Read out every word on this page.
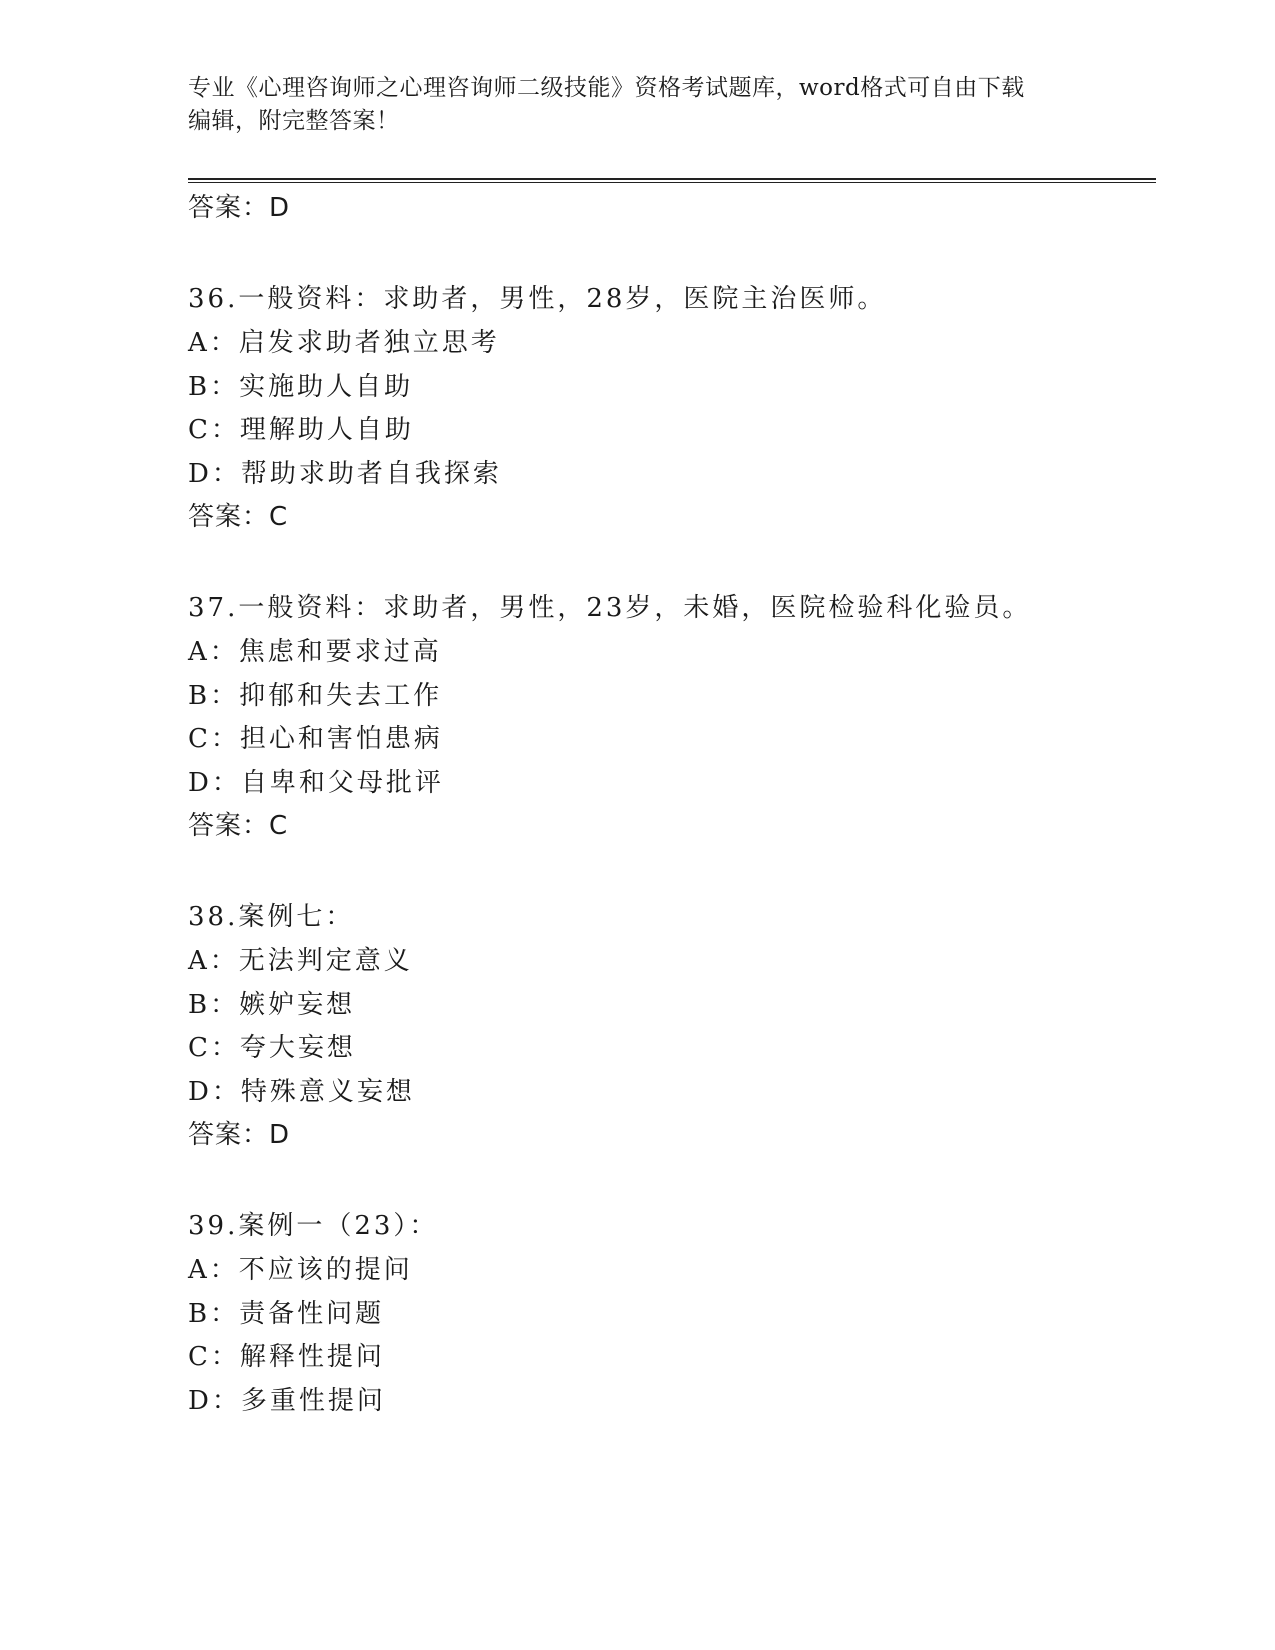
专业《心理咨询师之心理咨询师二级技能》资格考试题库，word格式可自由下载
编辑，附完整答案！
答案：D
36.一般资料：求助者，男性，28岁，医院主治医师。
A：启发求助者独立思考
B：实施助人自助
C：理解助人自助
D：帮助求助者自我探索
答案：C
37.一般资料：求助者，男性，23岁，未婚，医院检验科化验员。
A：焦虑和要求过高
B：抑郁和失去工作
C：担心和害怕患病
D：自卑和父母批评
答案：C
38.案例七：
A：无法判定意义
B：嫉妒妄想
C：夸大妄想
D：特殊意义妄想
答案：D
39.案例一（23）：
A：不应该的提问
B：责备性问题
C：解释性提问
D：多重性提问
